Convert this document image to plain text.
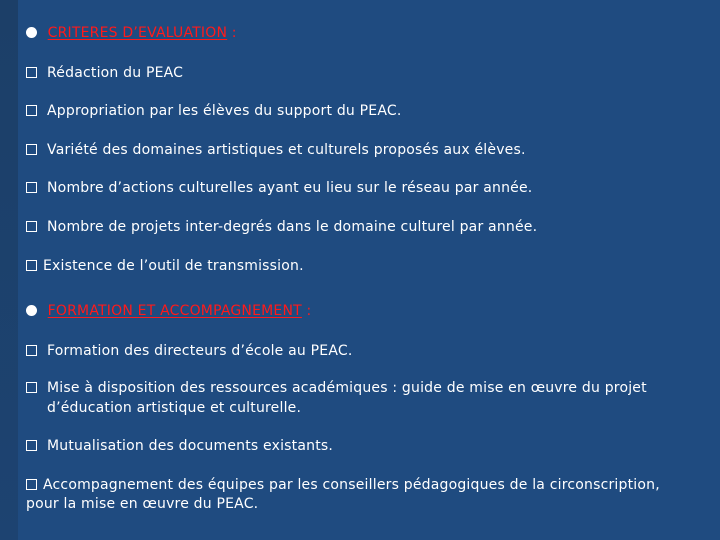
CRITERES D’EVALUATION :
Rédaction du PEAC
Appropriation par les élèves du support du PEAC.
Variété des domaines artistiques et culturels proposés aux élèves.
Nombre d’actions culturelles ayant eu lieu sur le réseau par année.
Nombre de projets inter-degrés dans le domaine culturel par année.
Existence de l’outil de transmission.
FORMATION ET ACCOMPAGNEMENT :
Formation des directeurs d’école au PEAC.
Mise à disposition des ressources académiques : guide de mise en œuvre du projet
d’éducation artistique et culturelle.
Mutualisation des documents existants.
Accompagnement des équipes par les conseillers pédagogiques de la circonscription,
pour la mise en œuvre du PEAC.
